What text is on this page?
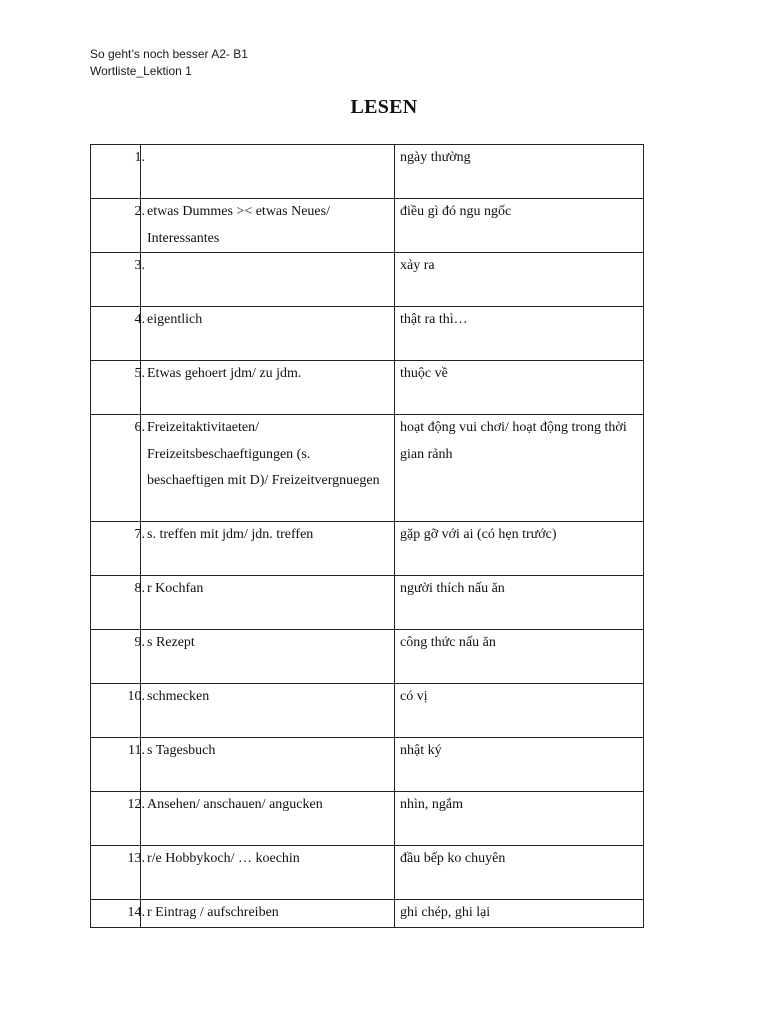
So geht’s noch besser A2- B1
Wortliste_Lektion 1
LESEN
1.		ngày thường
2.	etwas Dummes >< etwas Neues/ Interessantes	điều gì đó ngu ngốc
3.		xảy ra
4.	eigentlich	thật ra thì…
5.	Etwas gehoert jdm/ zu jdm.	thuộc về
6.	Freizeitaktivitaeten/ Freizeitsbeschaeftigungen (s. beschaeftigen mit D)/ Freizeitvergnuegen	hoạt động vui chơi/ hoạt động trong thời gian rảnh
7.	s. treffen mit jdm/ jdn. treffen	gặp gỡ với ai (có hẹn trước)
8.	r Kochfan	người thích nấu ăn
9.	s Rezept	công thức nấu ăn
10.	schmecken	có vị
11.	s Tagesbuch	nhật ký
12.	Ansehen/ anschauen/ angucken	nhìn, ngắm
13.	r/e Hobbykoch/ … koechin	đầu bếp ko chuyên
14.	r Eintrag / aufschreiben	ghi chép, ghi lại
